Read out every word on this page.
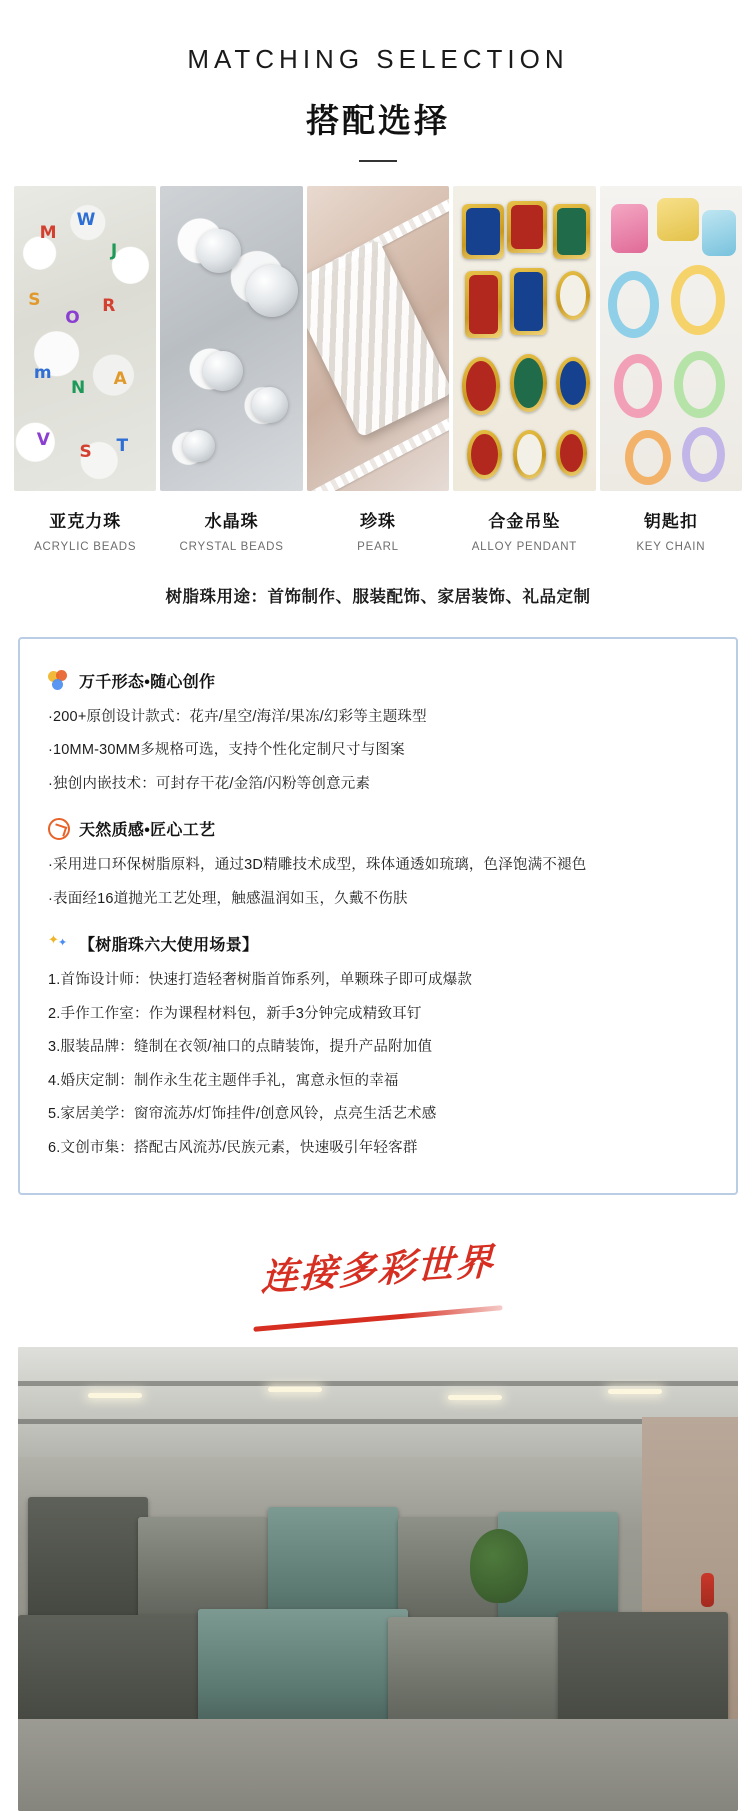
MATCHING SELECTION
搭配选择
M
W
J
S
O
R
m
N A
V
S T
亚克力珠
ACRYLIC BEADS
水晶珠
CRYSTAL BEADS
珍珠
PEARL
合金吊坠
ALLOY PENDANT
钥匙扣
KEY CHAIN
树脂珠用途：首饰制作、服装配饰、家居装饰、礼品定制
万千形态•随心创作
·200+原创设计款式：花卉/星空/海洋/果冻/幻彩等主题珠型
·10MM-30MM多规格可选，支持个性化定制尺寸与图案
·独创内嵌技术：可封存干花/金箔/闪粉等创意元素
天然质感•匠心工艺
·采用进口环保树脂原料，通过3D精雕技术成型，珠体通透如琉璃，色泽饱满不褪色
·表面经16道抛光工艺处理，触感温润如玉，久戴不伤肤
✦ ✦ 【树脂珠六大使用场景】
1.首饰设计师：快速打造轻奢树脂首饰系列，单颗珠子即可成爆款
2.手作工作室：作为课程材料包，新手3分钟完成精致耳钉
3.服装品牌：缝制在衣领/袖口的点睛装饰，提升产品附加值
4.婚庆定制：制作永生花主题伴手礼，寓意永恒的幸福
5.家居美学：窗帘流苏/灯饰挂件/创意风铃，点亮生活艺术感
6.文创市集：搭配古风流苏/民族元素，快速吸引年轻客群
连接多彩世界
